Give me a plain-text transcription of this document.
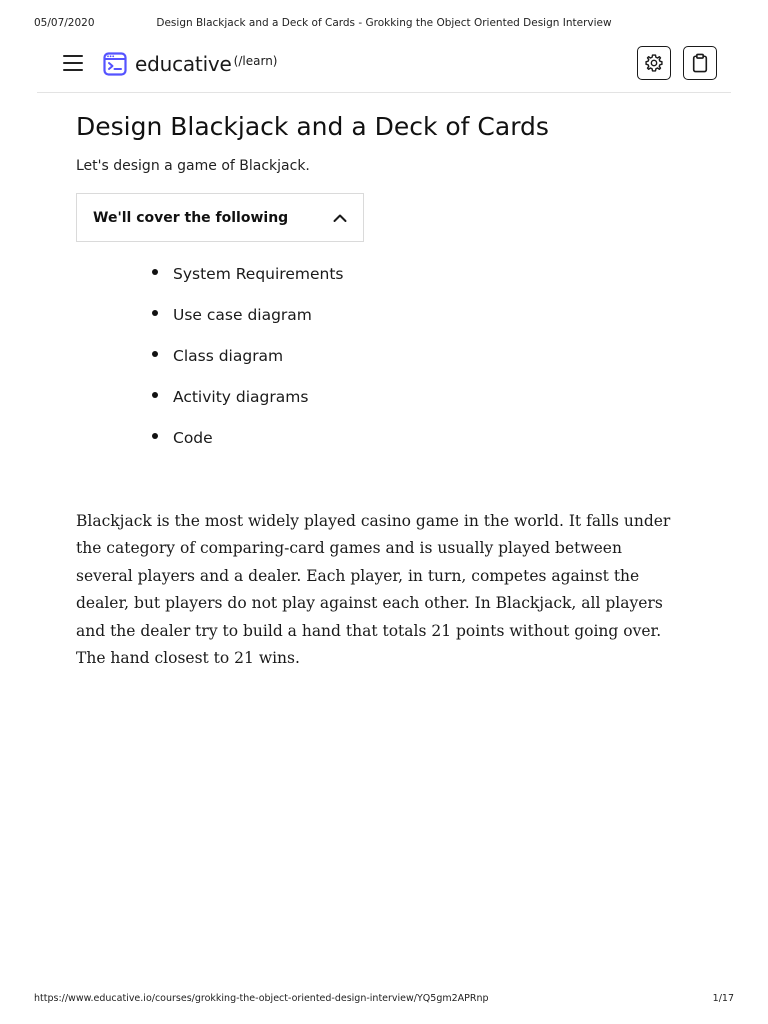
05/07/2020	Design Blackjack and a Deck of Cards - Grokking the Object Oriented Design Interview
educative (/learn)
Design Blackjack and a Deck of Cards

Let's design a game of Blackjack.

We'll cover the following
System Requirements
Use case diagram
Class diagram
Activity diagrams
Code

Blackjack is the most widely played casino game in the world. It falls under the category of comparing-card games and is usually played between several players and a dealer. Each player, in turn, competes against the dealer, but players do not play against each other. In Blackjack, all players and the dealer try to build a hand that totals 21 points without going over. The hand closest to 21 wins.

https://www.educative.io/courses/grokking-the-object-oriented-design-interview/YQ5gm2APRnp	1/17
